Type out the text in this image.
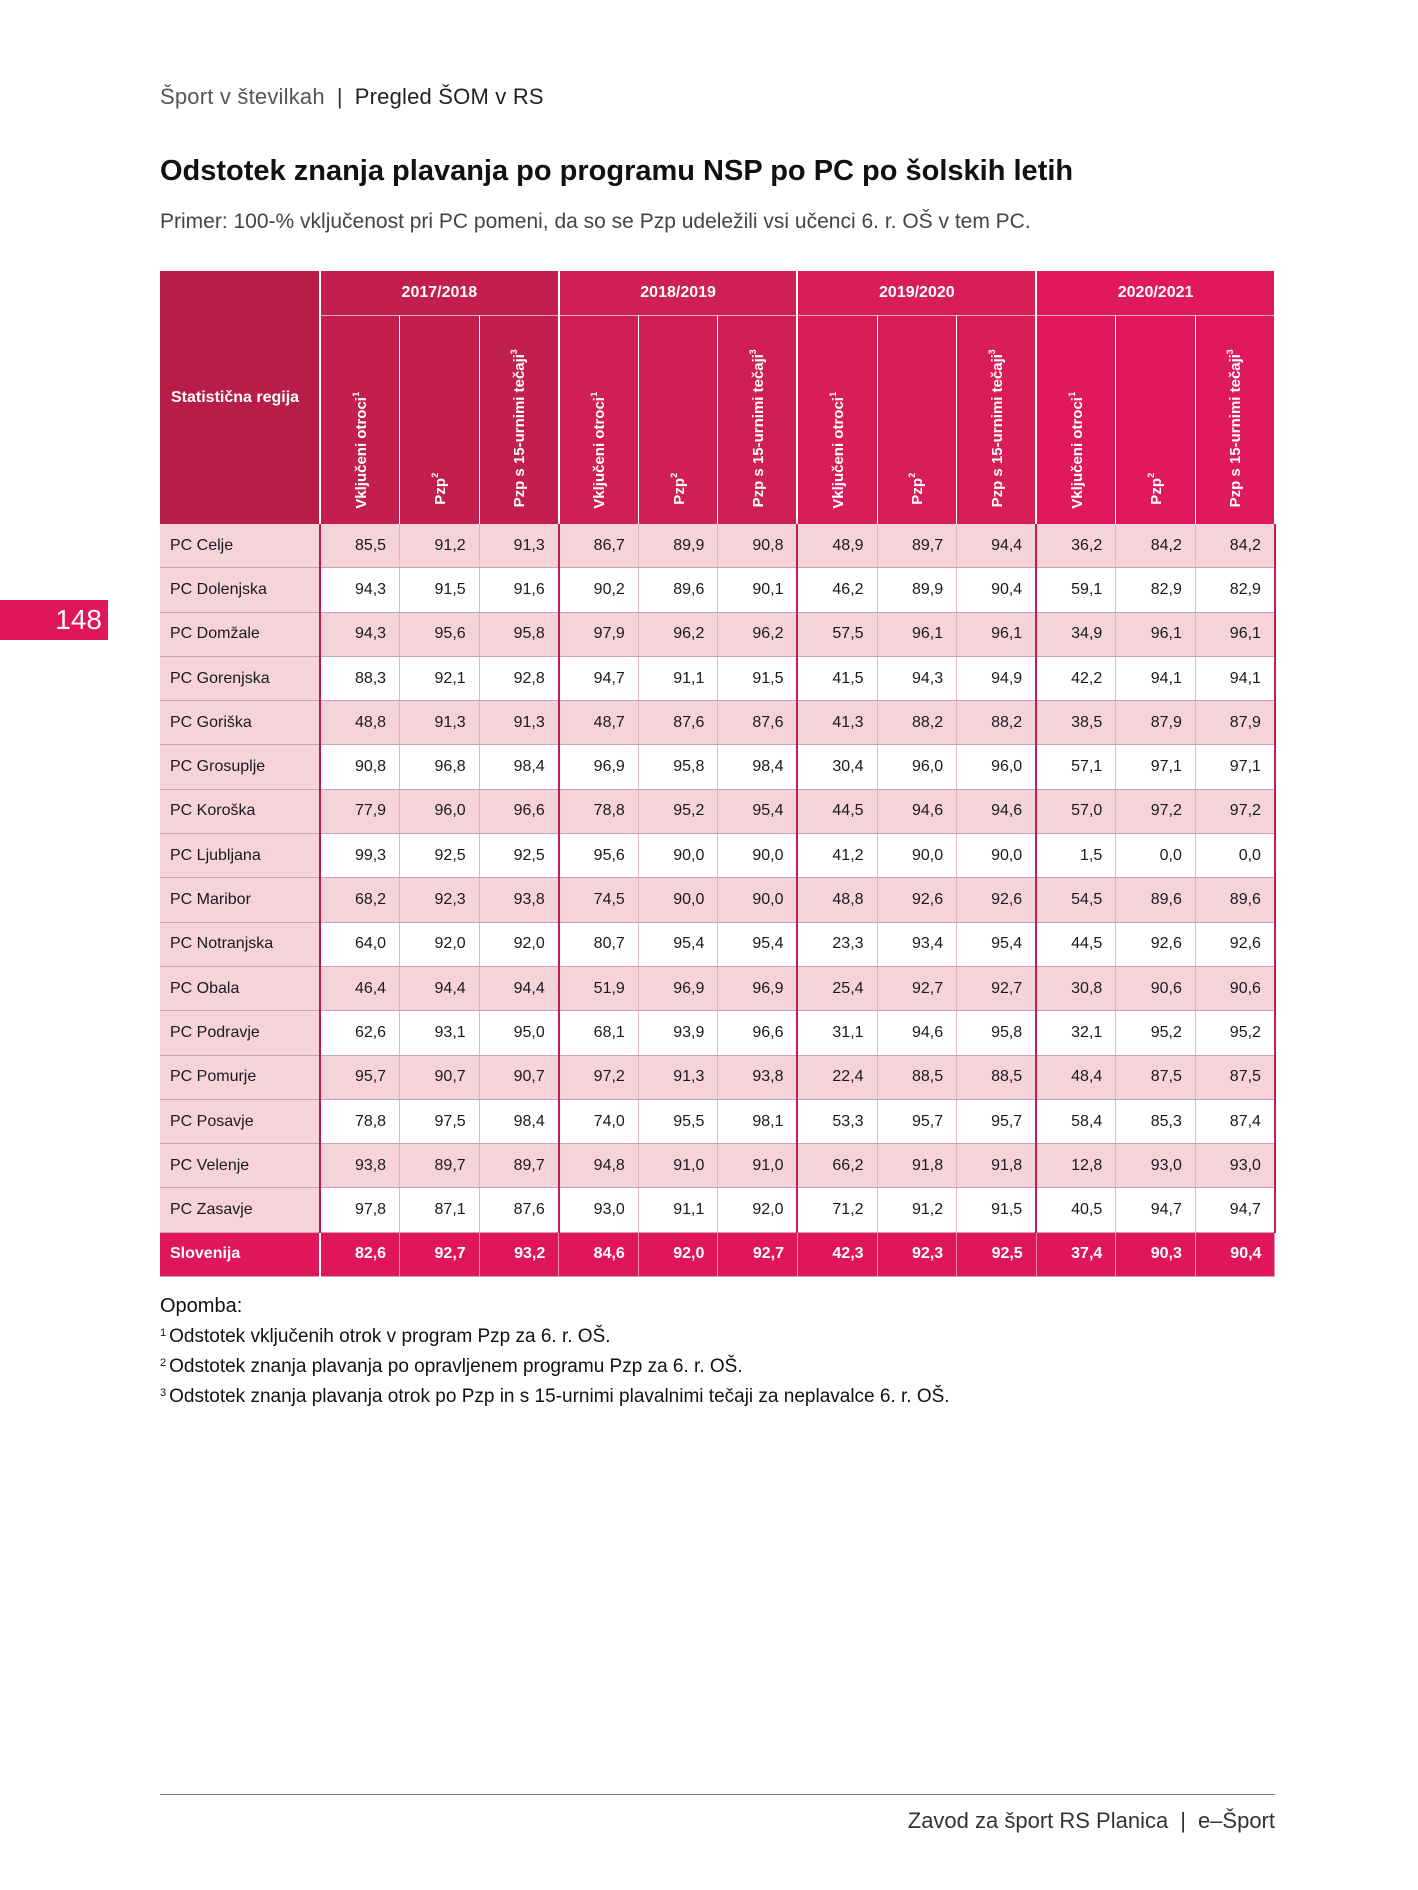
Šport v številkah | Pregled ŠOM v RS
148
Odstotek znanja plavanja po programu NSP po PC po šolskih letih

Primer: 100-% vključenost pri PC pomeni, da so se Pzp udeležili vsi učenci 6. r. OŠ v tem PC.

Statistična regija	2017/2018			2018/2019			2019/2020			2020/2021		

	Vključeni otroci$^1$	Pzp$^2$	Pzp s 15-urnimi tečaji$^3$	Vključeni otroci$^1$	Pzp$^2$	Pzp s 15-urnimi tečaji$^3$	Vključeni otroci$^1$	Pzp$^2$	Pzp s 15-urnimi tečaji$^3$	Vključeni otroci$^1$	Pzp$^2$	Pzp s 15-urnimi tečaji$^3$

PC Celje	85,5	91,2	91,3	86,7	89,9	90,8	48,9	89,7	94,4	36,2	84,2	84,2
PC Dolenjska	94,3	91,5	91,6	90,2	89,6	90,1	46,2	89,9	90,4	59,1	82,9	82,9
PC Domžale	94,3	95,6	95,8	97,9	96,2	96,2	57,5	96,1	96,1	34,9	96,1	96,1
PC Gorenjska	88,3	92,1	92,8	94,7	91,1	91,5	41,5	94,3	94,9	42,2	94,1	94,1
PC Goriška	48,8	91,3	91,3	48,7	87,6	87,6	41,3	88,2	88,2	38,5	87,9	87,9
PC Grosuplje	90,8	96,8	98,4	96,9	95,8	98,4	30,4	96,0	96,0	57,1	97,1	97,1
PC Koroška	77,9	96,0	96,6	78,8	95,2	95,4	44,5	94,6	94,6	57,0	97,2	97,2
PC Ljubljana	99,3	92,5	92,5	95,6	90,0	90,0	41,2	90,0	90,0	1,5	0,0	0,0
PC Maribor	68,2	92,3	93,8	74,5	90,0	90,0	48,8	92,6	92,6	54,5	89,6	89,6
PC Notranjska	64,0	92,0	92,0	80,7	95,4	95,4	23,3	93,4	95,4	44,5	92,6	92,6
PC Obala	46,4	94,4	94,4	51,9	96,9	96,9	25,4	92,7	92,7	30,8	90,6	90,6
PC Podravje	62,6	93,1	95,0	68,1	93,9	96,6	31,1	94,6	95,8	32,1	95,2	95,2
PC Pomurje	95,7	90,7	90,7	97,2	91,3	93,8	22,4	88,5	88,5	48,4	87,5	87,5
PC Posavje	78,8	97,5	98,4	74,0	95,5	98,1	53,3	95,7	95,7	58,4	85,3	87,4
PC Velenje	93,8	89,7	89,7	94,8	91,0	91,0	66,2	91,8	91,8	12,8	93,0	93,0
PC Zasavje	97,8	87,1	87,6	93,0	91,1	92,0	71,2	91,2	91,5	40,5	94,7	94,7
Slovenija	82,6	92,7	93,2	84,6	92,0	92,7	42,3	92,3	92,5	37,4	90,3	90,4
Opomba:
$^1$ Odstotek vključenih otrok v program Pzp za 6. r. OŠ.
$^2$ Odstotek znanja plavanja po opravljenem programu Pzp za 6. r. OŠ.
$^3$ Odstotek znanja plavanja otrok po Pzp in s 15-urnimi plavalnimi tečaji za neplavalce 6. r. OŠ.
Zavod za šport RS Planica | e–Šport
